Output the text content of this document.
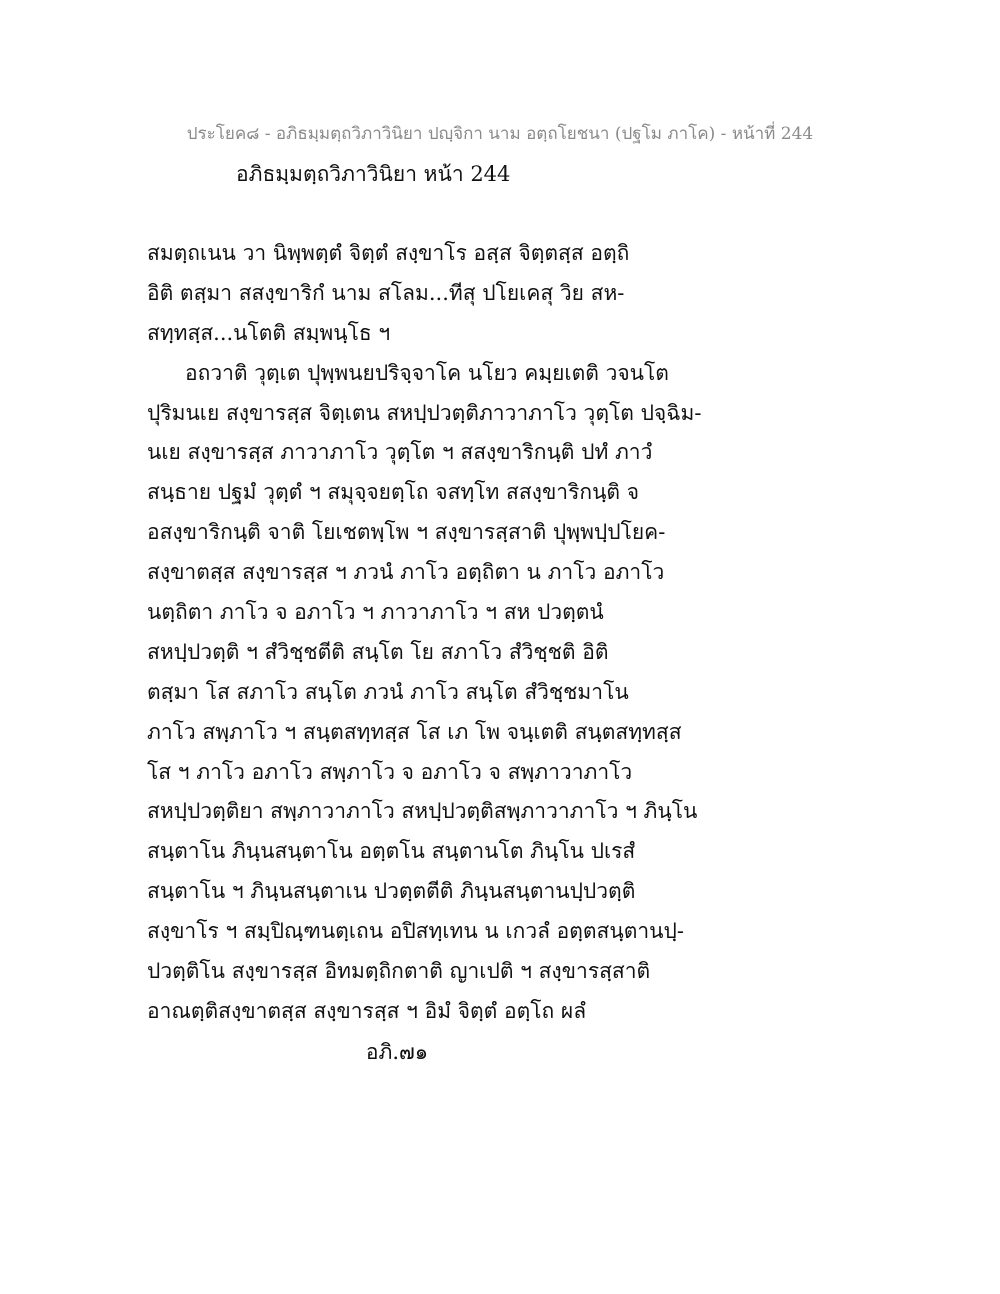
ประโยค๘ - อภิธมฺมตฺถวิภาวินิยา ปญฺจิกา นาม อตฺถโยชนา (ปฐโม ภาโค) - หน้าที่ 244
อภิธมฺมตฺถวิภาวินิยา หน้า 244
สมตฺถเนน วา นิพฺพตฺตํ จิตฺตํ สงฺขาโร อสฺส จิตฺตสฺส อตฺถิ
อิติ ตสฺมา สสงฺขาริกํ นาม สโลม...ทีสุ ปโยเคสุ วิย สห-
สทฺทสฺส...นโตติ สมฺพนฺโธ ฯ
อถวาติ วุตฺเต ปุพฺพนยปริจฺจาโค นโยว คมฺยเตติ วจนโต
ปุริมนเย สงฺขารสฺส จิตฺเตน สหปฺปวตฺติภาวาภาโว วุตฺโต ปจฺฉิม-
นเย สงฺขารสฺส ภาวาภาโว วุตฺโต ฯ สสงฺขาริกนฺติ ปทํ ภาวํ
สนฺธาย ปฐมํ วุตฺตํ ฯ สมุจฺจยตฺโถ จสทฺโท สสงฺขาริกนฺติ จ
อสงฺขาริกนฺติ จาติ โยเชตพฺโพ ฯ สงฺขารสฺสาติ ปุพฺพปฺปโยค-
สงฺขาตสฺส สงฺขารสฺส ฯ ภวนํ ภาโว อตฺถิตา น ภาโว อภาโว
นตฺถิตา ภาโว จ อภาโว ฯ ภาวาภาโว ฯ สห ปวตฺตนํ
สหปฺปวตฺติ ฯ สํวิชฺชตีติ สนฺโต โย สภาโว สํวิชฺชติ อิติ
ตสฺมา โส สภาโว สนฺโต ภวนํ ภาโว สนฺโต สํวิชฺชมาโน
ภาโว สพฺภาโว ฯ สนฺตสทฺทสฺส โส เภ โพ จนฺเตติ สนฺตสทฺทสฺส
โส ฯ ภาโว อภาโว สพฺภาโว จ อภาโว จ สพฺภาวาภาโว
สหปฺปวตฺติยา สพฺภาวาภาโว สหปฺปวตฺติสพฺภาวาภาโว ฯ ภินฺโน
สนฺตาโน ภินฺนสนฺตาโน อตฺตโน สนฺตานโต ภินฺโน ปเรสํ
สนฺตาโน ฯ ภินฺนสนฺตาเน ปวตฺตตีติ ภินฺนสนฺตานปฺปวตฺติ
สงฺขาโร ฯ สมฺปิณฺฑนตฺเถน อปิสทฺเทน น เกวลํ อตฺตสนฺตานปฺ-
ปวตฺติโน สงฺขารสฺส อิทมตฺถิกตาติ ญาเปติ ฯ สงฺขารสฺสาติ
อาณตฺติสงฺขาตสฺส สงฺขารสฺส ฯ อิมํ จิตฺตํ อตฺโถ ผลํ
อภิ.๗๑
